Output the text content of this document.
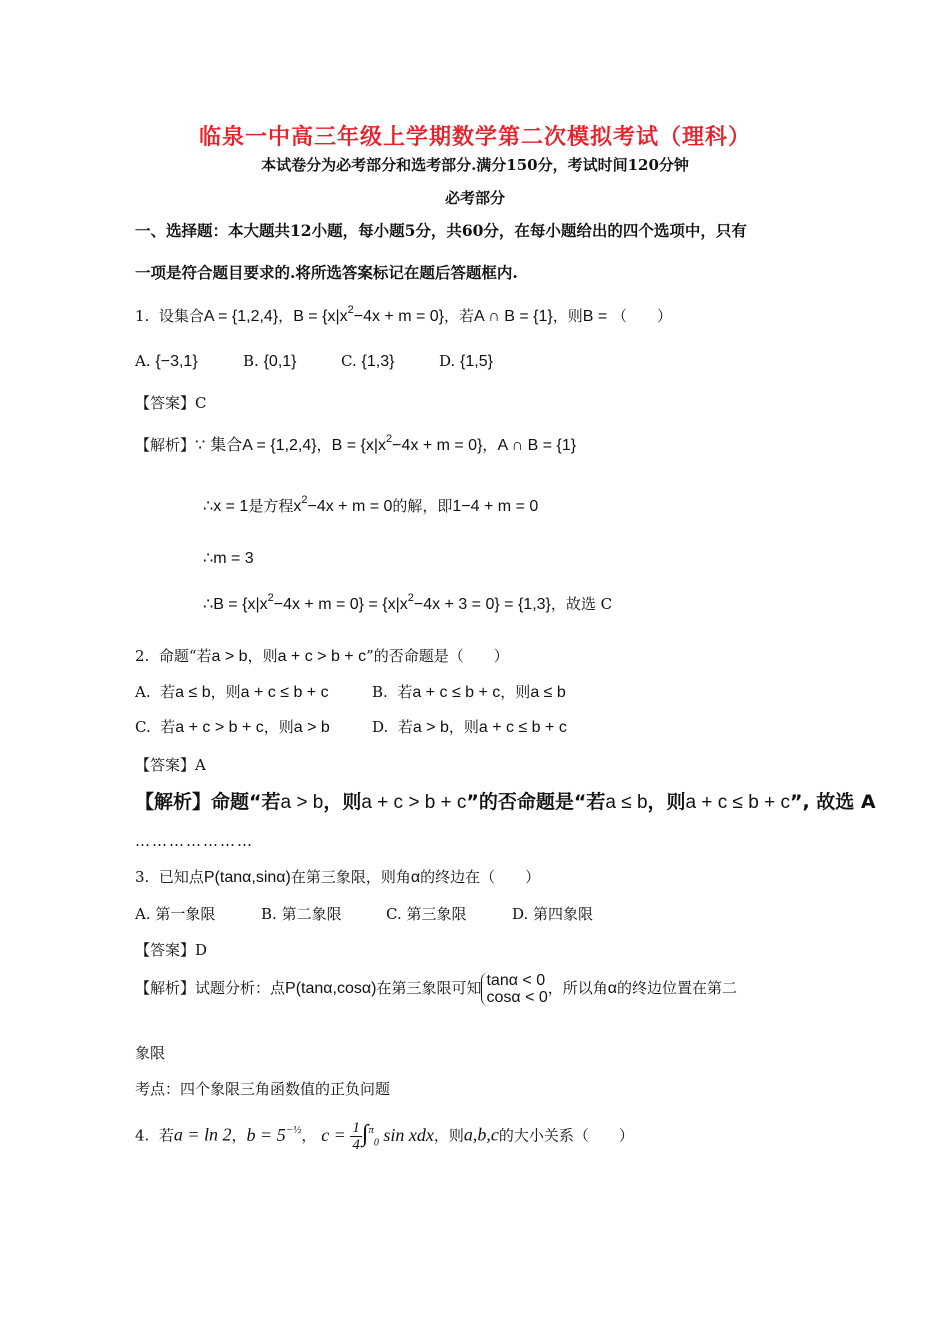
临泉一中高三年级上学期数学第二次模拟考试（理科）
本试卷分为必考部分和选考部分.满分150分，考试时间120分钟
必考部分
一、选择题：本大题共12小题，每小题5分，共60分，在每小题给出的四个选项中，只有
一项是符合题目要求的.将所选答案标记在题后答题框内.
1. 设集合A = {1,2,4}，$B = \{x|x^2-4x + m = 0\}$，若A ∩ B = {1}，则B = （　　）
A. {−3,1}	B. {0,1}	C. {1,3}	D. {1,5}
【答案】C
【解析】∵ 集合A = {1,2,4}，$B = \{x|x^2-4x + m = 0\}$，A ∩ B = {1}
∴x = 1是方程$x^2-4x + m = 0$的解，即1−4 + m = 0
∴m = 3
∴B = $\{x|x^2-4x + m = 0\} = \{x|x^2-4x + 3 = 0\} = \{1,3\}$，故选 C
2. 命题“若a > b，则a + c > b + c”的否命题是（　　）
A. 若a ≤ b，则a + c ≤ b + c	B. 若a + c ≤ b + c，则a ≤ b
C. 若a + c > b + c，则a > b	D. 若a > b，则a + c ≤ b + c
【答案】A
【解析】命题“若a > b，则a + c > b + c”的否命题是“若a ≤ b，则a + c ≤ b + c”, 故选 A
…………………
3. 已知点P(tanα,sinα)在第三象限，则角α的终边在（　　）
A. 第一象限	B. 第二象限	C. 第三象限	D. 第四象限
【答案】D
【解析】试题分析：点P(tanα,cosα)在第三象限可知 tanα < 0
cosα < 0
，所以角α的终边位置在第二
象限
考点：四个象限三角函数值的正负问题
4. 若a = ln 2，$b = 5^{-\frac{1}{2}}$， $c = \frac{1}{4} \int^\pi_0$ sin xdx，则a,b,c的大小关系（　　）
